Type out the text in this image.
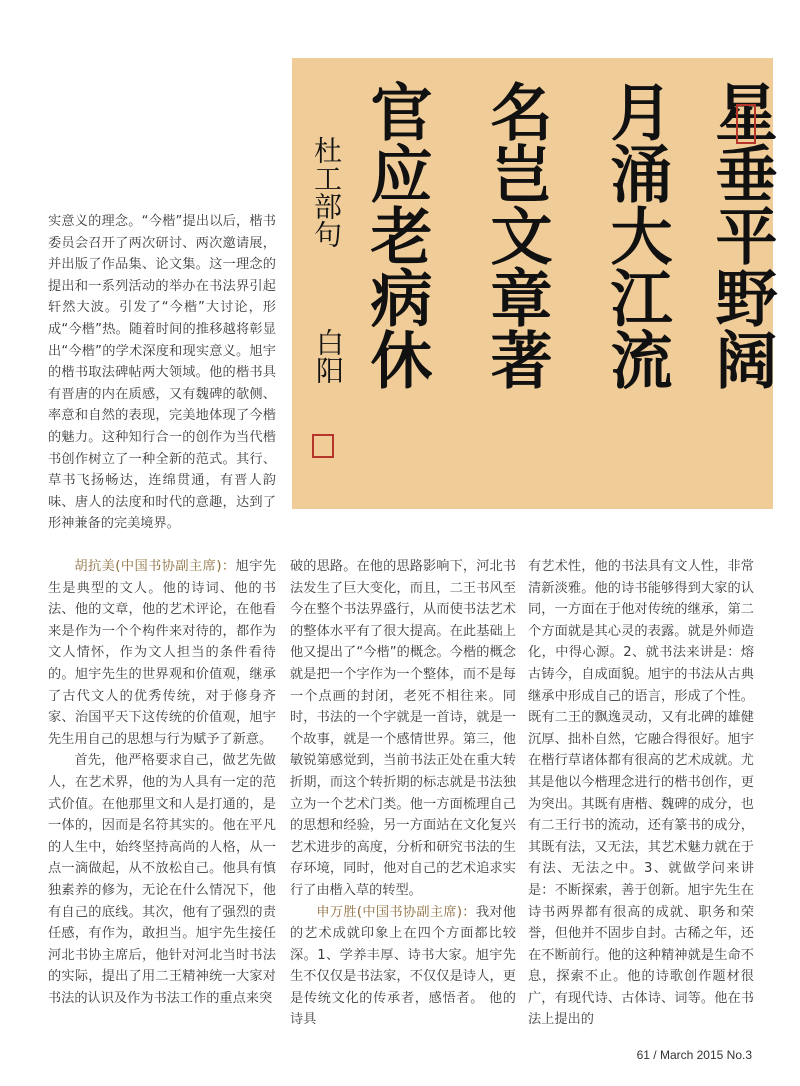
星垂平野阔
月涌大江流
名岂文章著
官应老病休
杜工部句
白阳

实意义的理念。“今楷”提出以后，楷书委员会召开了两次研讨、两次邀请展，并出版了作品集、论文集。这一理念的提出和一系列活动的举办在书法界引起轩然大波。引发了“今楷”大讨论，形成“今楷”热。随着时间的推移越将彰显出“今楷”的学术深度和现实意义。旭宇的楷书取法碑帖两大领域。他的楷书具有晋唐的内在质感，又有魏碑的欹侧、率意和自然的表现，完美地体现了今楷的魅力。这种知行合一的创作为当代楷书创作树立了一种全新的范式。其行、草书飞扬畅达，连绵贯通，有晋人韵味、唐人的法度和时代的意趣，达到了形神兼备的完美境界。

胡抗美(中国书协副主席)：旭宇先生是典型的文人。他的诗词、他的书法、他的文章，他的艺术评论，在他看来是作为一个个构件来对待的，都作为文人情怀，作为文人担当的条件看待的。旭宇先生的世界观和价值观，继承了古代文人的优秀传统，对于修身齐家、治国平天下这传统的价值观，旭宇先生用自己的思想与行为赋予了新意。

首先，他严格要求自己，做艺先做人，在艺术界，他的为人具有一定的范式价值。在他那里文和人是打通的，是一体的，因而是名符其实的。他在平凡的人生中，始终坚持高尚的人格，从一点一滴做起，从不放松自己。他具有慎独素养的修为，无论在什么情况下，他有自己的底线。其次，他有了强烈的责任感，有作为，敢担当。旭宇先生接任河北书协主席后，他针对河北当时书法的实际，提出了用二王精神统一大家对书法的认识及作为书法工作的重点来突

破的思路。在他的思路影响下，河北书法发生了巨大变化，而且，二王书风至今在整个书法界盛行，从而使书法艺术的整体水平有了很大提高。在此基础上他又提出了“今楷”的概念。今楷的概念就是把一个字作为一个整体，而不是每一个点画的封闭，老死不相往来。同时，书法的一个字就是一首诗，就是一个故事，就是一个感情世界。第三，他敏锐第感觉到，当前书法正处在重大转折期，而这个转折期的标志就是书法独立为一个艺术门类。他一方面梳理自己的思想和经验，另一方面站在文化复兴艺术进步的高度，分析和研究书法的生存环境，同时，他对自己的艺术追求实行了由楷入草的转型。

申万胜(中国书协副主席)：我对他的艺术成就印象上在四个方面都比较深。1、学养丰厚、诗书大家。旭宇先生不仅仅是书法家，不仅仅是诗人，更是传统文化的传承者，感悟者。 他的诗具

有艺术性，他的书法具有文人性，非常清新淡雅。他的诗书能够得到大家的认同，一方面在于他对传统的继承，第二个方面就是其心灵的表露。就是外师造化，中得心源。2、就书法来讲是：熔古铸今，自成面貌。旭宇的书法从古典继承中形成自己的语言，形成了个性。既有二王的飘逸灵动，又有北碑的雄健沉厚、拙朴自然，它融合得很好。旭宇在楷行草诸体都有很高的艺术成就。尤其是他以今楷理念进行的楷书创作，更为突出。其既有唐楷、魏碑的成分，也有二王行书的流动，还有篆书的成分，其既有法，又无法，其艺术魅力就在于有法、无法之中。3、就做学问来讲是：不断探索，善于创新。旭宇先生在诗书两界都有很高的成就、职务和荣誉，但他并不固步自封。古稀之年，还在不断前行。他的这种精神就是生命不息，探索不止。他的诗歌创作题材很广，有现代诗、古体诗、词等。他在书法上提出的

61 / March 2015 No.3
